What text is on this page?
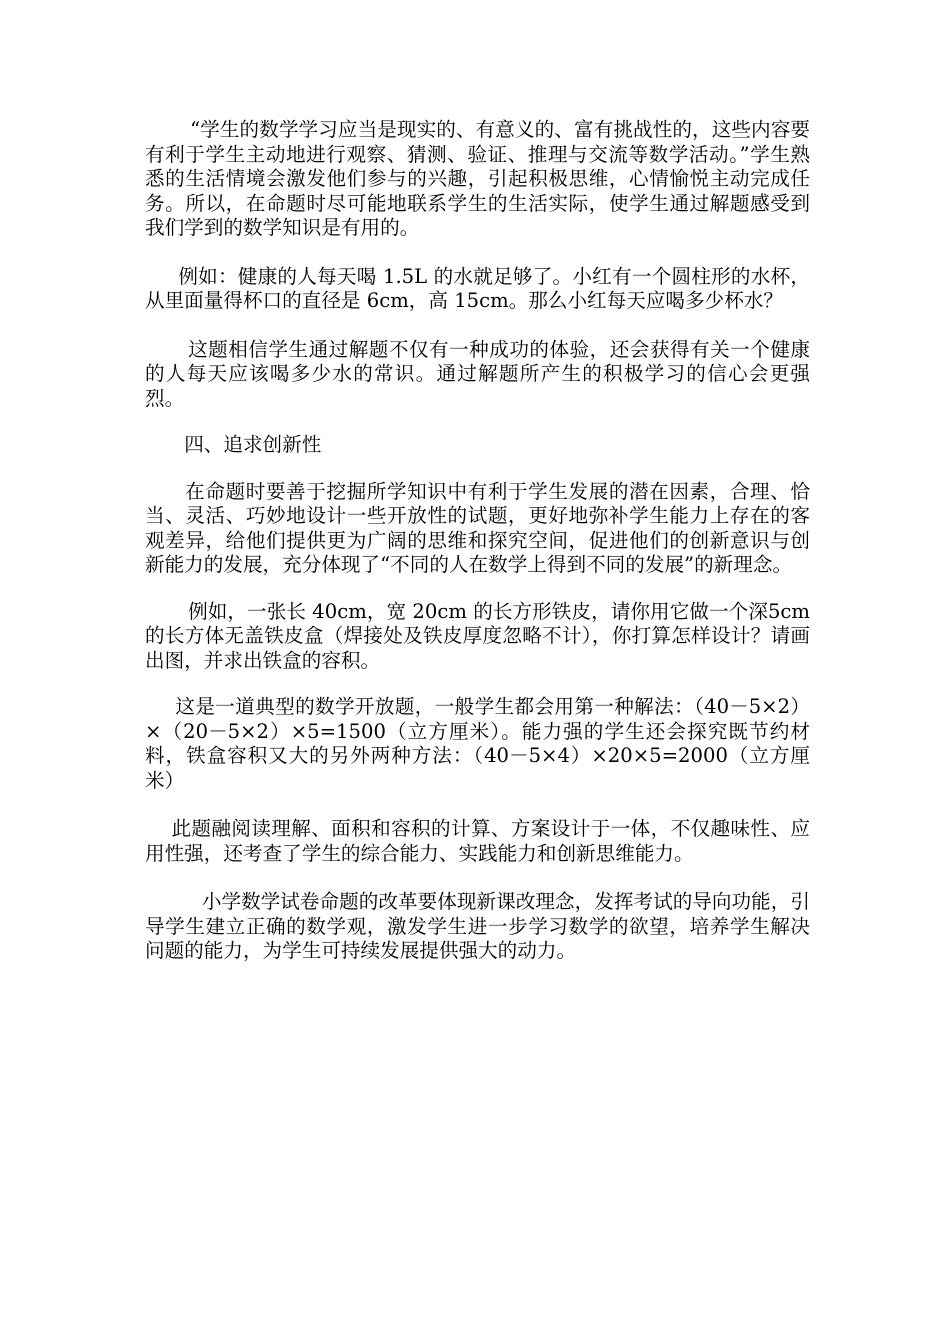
“学生的数学学习应当是现实的、有意义的、富有挑战性的，这些内容要有利于学生主动地进行观察、猜测、验证、推理与交流等数学活动。”学生熟悉的生活情境会激发他们参与的兴趣，引起积极思维，心情愉悦主动完成任务。所以，在命题时尽可能地联系学生的生活实际，使学生通过解题感受到我们学到的数学知识是有用的。

例如：健康的人每天喝 1.5L 的水就足够了。小红有一个圆柱形的水杯，从里面量得杯口的直径是 6cm，高 15cm。那么小红每天应喝多少杯水？

这题相信学生通过解题不仅有一种成功的体验，还会获得有关一个健康的人每天应该喝多少水的常识。通过解题所产生的积极学习的信心会更强烈。

四、追求创新性

在命题时要善于挖掘所学知识中有利于学生发展的潜在因素，合理、恰当、灵活、巧妙地设计一些开放性的试题，更好地弥补学生能力上存在的客观差异，给他们提供更为广阔的思维和探究空间，促进他们的创新意识与创新能力的发展，充分体现了“不同的人在数学上得到不同的发展”的新理念。

例如，一张长 40cm，宽 20cm 的长方形铁皮，请你用它做一个深5cm 的长方体无盖铁皮盒（焊接处及铁皮厚度忽略不计），你打算怎样设计？请画出图，并求出铁盒的容积。

这是一道典型的数学开放题，一般学生都会用第一种解法：（40－5×2）×（20－5×2）×5=1500（立方厘米）。能力强的学生还会探究既节约材料，铁盒容积又大的另外两种方法：（40－5×4）×20×5=2000（立方厘米）

此题融阅读理解、面积和容积的计算、方案设计于一体，不仅趣味性、应用性强，还考查了学生的综合能力、实践能力和创新思维能力。

小学数学试卷命题的改革要体现新课改理念，发挥考试的导向功能，引导学生建立正确的数学观，激发学生进一步学习数学的欲望，培养学生解决问题的能力，为学生可持续发展提供强大的动力。
